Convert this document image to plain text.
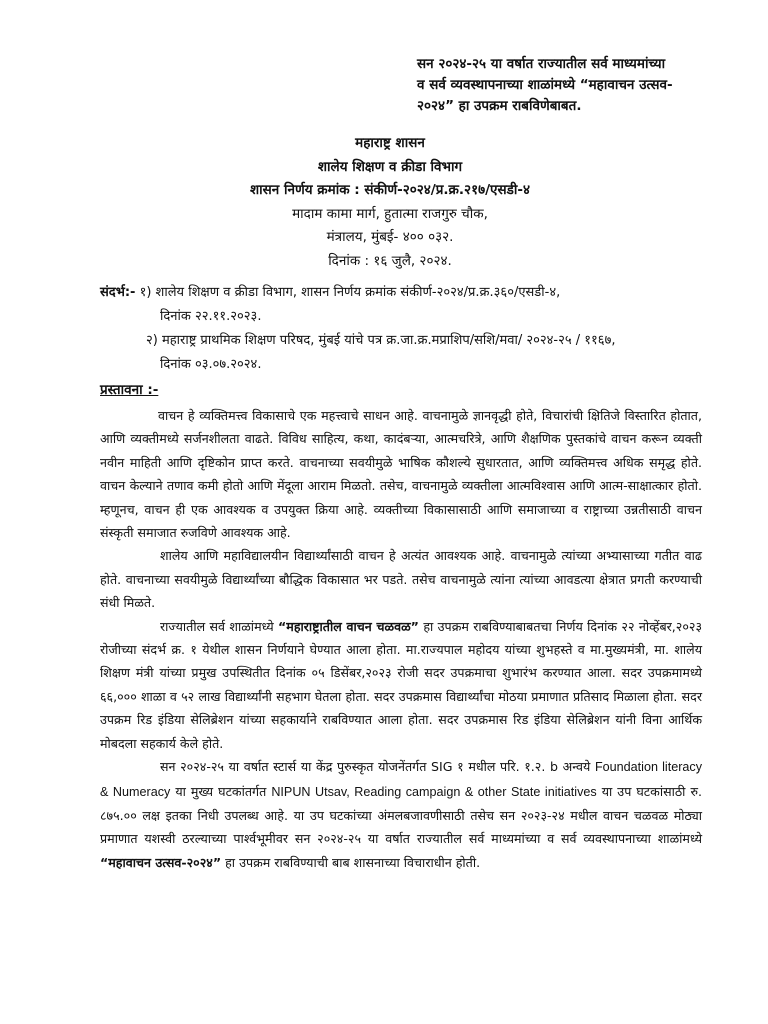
सन २०२४-२५ या वर्षात राज्यातील सर्व माध्यमांच्या
व सर्व व्यवस्थापनाच्या शाळांमध्ये “महावाचन उत्सव-
२०२४” हा उपक्रम राबविणेबाबत.
महाराष्ट्र शासन
शालेय शिक्षण व क्रीडा विभाग
शासन निर्णय क्रमांक : संकीर्ण-२०२४/प्र.क्र.२१७/एसडी-४
मादाम कामा मार्ग, हुतात्मा राजगुरु चौक,
मंत्रालय, मुंबई- ४०० ०३२.
दिनांक : १६ जुलै, २०२४.
संदर्भ:- १) शालेय शिक्षण व क्रीडा विभाग, शासन निर्णय क्रमांक संकीर्ण-२०२४/प्र.क्र.३६०/एसडी-४,
दिनांक २२.११.२०२३.
२) महाराष्ट्र प्राथमिक शिक्षण परिषद, मुंबई यांचे पत्र क्र.जा.क्र.मप्राशिप/सशि/मवा/ २०२४-२५ / ११६७,
दिनांक ०३.०७.२०२४.
प्रस्तावना :-

वाचन हे व्यक्तिमत्त्व विकासाचे एक महत्त्वाचे साधन आहे. वाचनामुळे ज्ञानवृद्धी होते, विचारांची क्षितिजे विस्तारित होतात, आणि व्यक्तीमध्ये सर्जनशीलता वाढते. विविध साहित्य, कथा, कादंबऱ्या, आत्मचरित्रे, आणि शैक्षणिक पुस्तकांचे वाचन करून व्यक्ती नवीन माहिती आणि दृष्टिकोन प्राप्त करते. वाचनाच्या सवयीमुळे भाषिक कौशल्ये सुधारतात, आणि व्यक्तिमत्त्व अधिक समृद्ध होते. वाचन केल्याने तणाव कमी होतो आणि मेंदूला आराम मिळतो. तसेच, वाचनामुळे व्यक्तीला आत्मविश्वास आणि आत्म-साक्षात्कार होतो. म्हणूनच, वाचन ही एक आवश्यक व उपयुक्त क्रिया आहे. व्यक्तीच्या विकासासाठी आणि समाजाच्या व राष्ट्राच्या उन्नतीसाठी वाचन संस्कृती समाजात रुजविणे आवश्यक आहे.

शालेय आणि महाविद्यालयीन विद्यार्थ्यांसाठी वाचन हे अत्यंत आवश्यक आहे. वाचनामुळे त्यांच्या अभ्यासाच्या गतीत वाढ होते. वाचनाच्या सवयीमुळे विद्यार्थ्यांच्या बौद्धिक विकासात भर पडते. तसेच वाचनामुळे त्यांना त्यांच्या आवडत्या क्षेत्रात प्रगती करण्याची संधी मिळते.

राज्यातील सर्व शाळांमध्ये “महाराष्ट्रातील वाचन चळवळ” हा उपक्रम राबविण्याबाबतचा निर्णय दिनांक २२ नोव्हेंबर,२०२३ रोजीच्या संदर्भ क्र. १ येथील शासन निर्णयाने घेण्यात आला होता. मा.राज्यपाल महोदय यांच्या शुभहस्ते व मा.मुख्यमंत्री, मा. शालेय शिक्षण मंत्री यांच्या प्रमुख उपस्थितीत दिनांक ०५ डिसेंबर,२०२३ रोजी सदर उपक्रमाचा शुभारंभ करण्यात आला. सदर उपक्रमामध्ये ६६,००० शाळा व ५२ लाख विद्यार्थ्यांनी सहभाग घेतला होता. सदर उपक्रमास विद्यार्थ्यांचा मोठया प्रमाणात प्रतिसाद मिळाला होता. सदर उपक्रम रिड इंडिया सेलिब्रेशन यांच्या सहकार्याने राबविण्यात आला होता. सदर उपक्रमास रिड इंडिया सेलिब्रेशन यांनी विना आर्थिक मोबदला सहकार्य केले होते.

सन २०२४-२५ या वर्षात स्टार्स या केंद्र पुरुस्कृत योजनेंतर्गत SIG १ मधील परि. १.२. b अन्वये Foundation literacy & Numeracy या मुख्य घटकांतर्गत NIPUN Utsav, Reading campaign & other State initiatives या उप घटकांसाठी रु. ८७५.०० लक्ष इतका निधी उपलब्ध आहे. या उप घटकांच्या अंमलबजावणीसाठी तसेच सन २०२३-२४ मधील वाचन चळवळ मोठ्या प्रमाणात यशस्वी ठरल्याच्या पार्श्वभूमीवर सन २०२४-२५ या वर्षात राज्यातील सर्व माध्यमांच्या व सर्व व्यवस्थापनाच्या शाळांमध्ये “महावाचन उत्सव-२०२४” हा उपक्रम राबविण्याची बाब शासनाच्या विचाराधीन होती.
